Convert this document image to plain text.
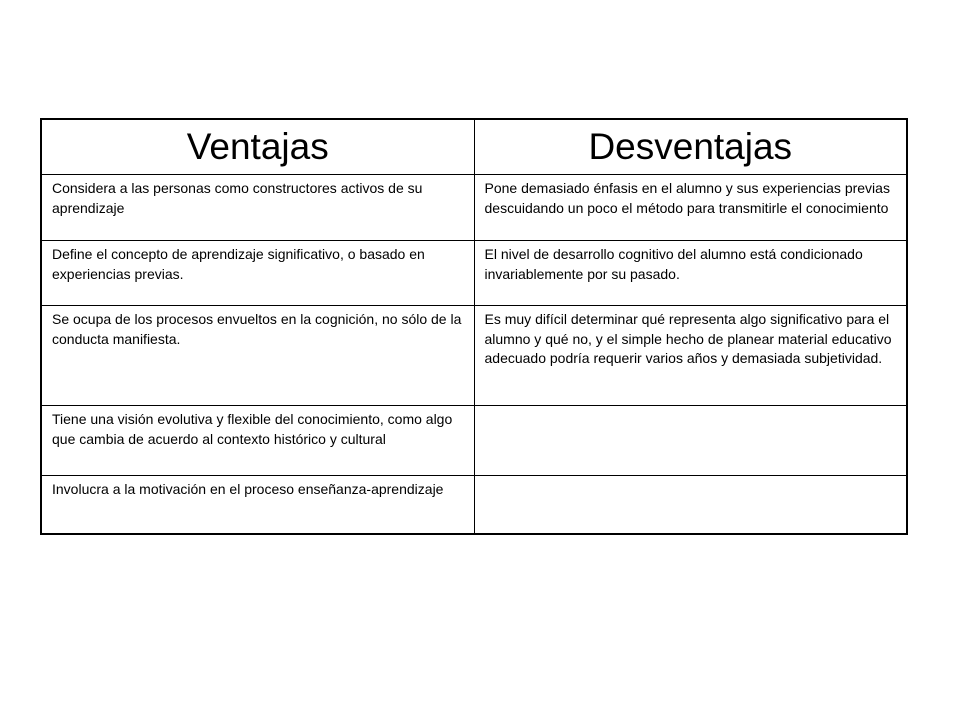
Ventajas	Desventajas
Considera a las personas como constructores activos de su aprendizaje	Pone demasiado énfasis en el alumno y sus experiencias previas descuidando un poco el método para transmitirle el conocimiento
Define el concepto de aprendizaje significativo, o basado en experiencias previas.	El nivel de desarrollo cognitivo del alumno está condicionado invariablemente por su pasado.
Se ocupa de los procesos envueltos en la cognición, no sólo de la conducta manifiesta.	Es muy difícil determinar qué representa algo significativo para el alumno y qué no, y el simple hecho de planear material educativo adecuado podría requerir varios años y demasiada subjetividad.
Tiene una visión evolutiva y flexible del conocimiento, como algo que cambia de acuerdo al contexto histórico y cultural	
Involucra a la motivación en el proceso enseñanza-aprendizaje	
